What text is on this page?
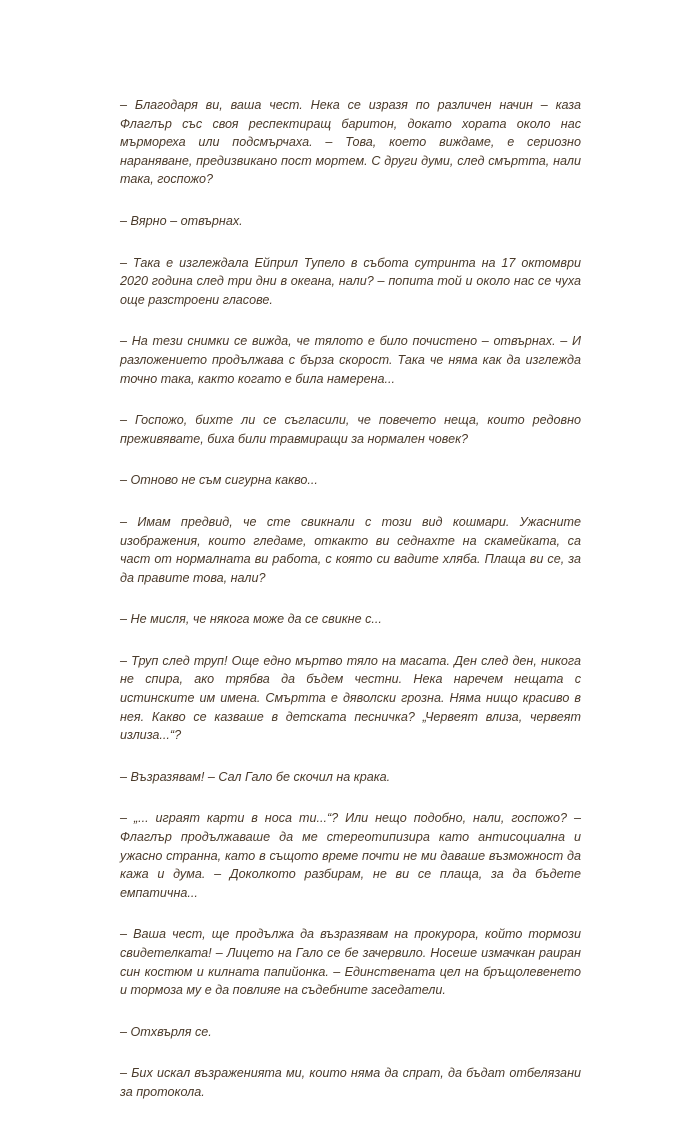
– Благодаря ви, ваша чест. Нека се изразя по различен начин – каза Флаглър със своя респектиращ баритон, докато хората около нас мърмореха или подсмърчаха. – Това, което виждаме, е сериозно нараняване, предизвикано пост мортем. С други думи, след смъртта, нали така, госпожо?

– Вярно – отвърнах.

– Така е изглеждала Ейприл Тупело в събота сутринта на 17 октомври 2020 година след три дни в океана, нали? – попита той и около нас се чуха още разстроени гласове.

– На тези снимки се вижда, че тялото е било почистено – отвърнах. – И разложението продължава с бърза скорост. Така че няма как да изглежда точно така, както когато е била намерена...

– Госпожо, бихте ли се съгласили, че повечето неща, които редовно преживявате, биха били травмиращи за нормален човек?

– Отново не съм сигурна какво...

– Имам предвид, че сте свикнали с този вид кошмари. Ужасните изображения, които гледаме, откакто ви седнахте на скамейката, са част от нормалната ви работа, с която си вадите хляба. Плаща ви се, за да правите това, нали?

– Не мисля, че някога може да се свикне с...

– Труп след труп! Още едно мъртво тяло на масата. Ден след ден, никога не спира, ако трябва да бъдем честни. Нека наречем нещата с истинските им имена. Смъртта е дяволски грозна. Няма нищо красиво в нея. Какво се казваше в детската песничка? „Червеят влиза, червеят излиза...“?

– Възразявам! – Сал Гало бе скочил на крака.

– „... играят карти в носа ти...“? Или нещо подобно, нали, госпожо? – Флаглър продължаваше да ме стереотипизира като антисоциална и ужасно странна, като в същото време почти не ми даваше възможност да кажа и дума. – Доколкото разбирам, не ви се плаща, за да бъдете емпатична...

– Ваша чест, ще продължа да възразявам на прокурора, който тормози свидетелката! – Лицето на Гало се бе зачервило. Носеше измачкан раиран син костюм и килната папийонка. – Единствената цел на бръщолевенето и тормоза му е да повлияе на съдебните заседатели.

– Отхвърля се.

– Бих искал възраженията ми, които няма да спрат, да бъдат отбелязани за протокола.
